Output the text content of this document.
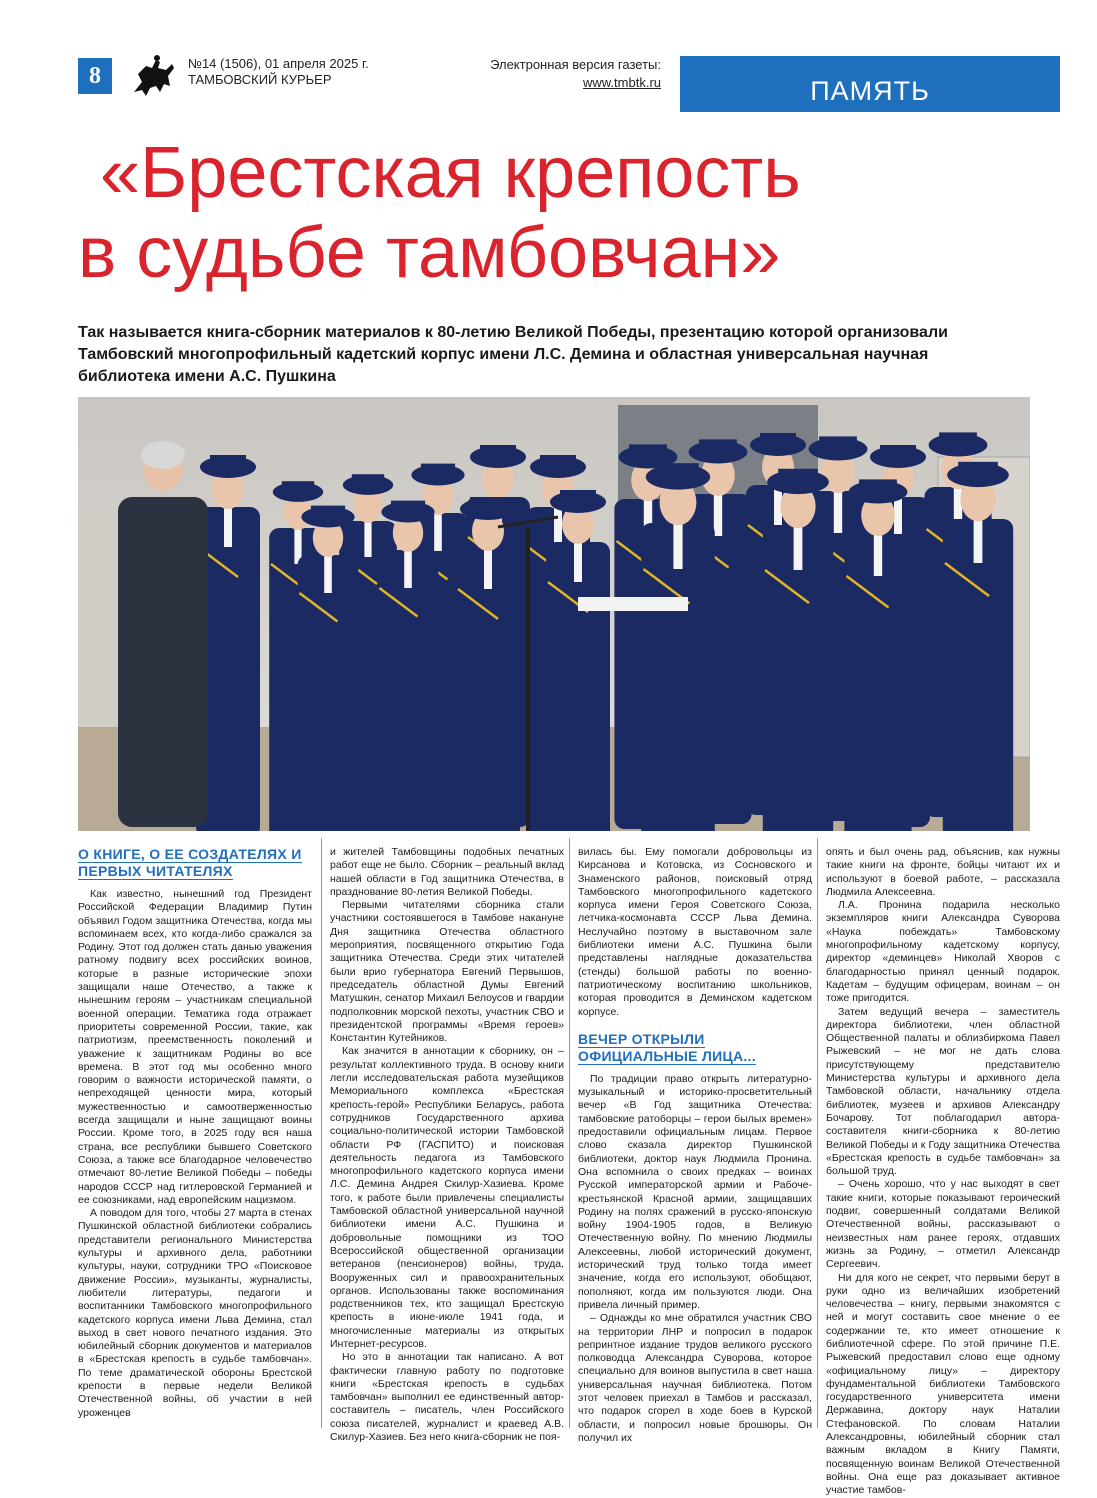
8	№14 (1506), 01 апреля 2025 г.
ТАМБОВСКИЙ КУРЬЕР
Электронная версия газеты:
www.tmbtk.ru	ПАМЯТЬ
«Брестская крепость
в судьбе тамбовчан»

Так называется книга-сборник материалов к 80-летию Великой Победы, презентацию которой организовали Тамбовский многопрофильный кадетский корпус имени Л.С. Демина и областная универсальная научная библиотека имени А.С. Пушкина

О КНИГЕ, О ЕЕ СОЗДАТЕЛЯХ И ПЕРВЫХ ЧИТАТЕЛЯХ

Как известно, нынешний год Президент Российской Федерации Владимир Путин объявил Годом защитника Отечества, когда мы вспоминаем всех, кто когда-либо сражался за Родину. Этот год должен стать данью уважения ратному подвигу всех российских воинов, которые в разные исторические эпохи защищали наше Отечество, а также к нынешним героям – участникам специальной военной операции. Тематика года отражает приоритеты современной России, такие, как патриотизм, преемственность поколений и уважение к защитникам Родины во все времена. В этот год мы особенно много говорим о важности исторической памяти, о непреходящей ценности мира, который мужественностью и самоотверженностью всегда защищали и ныне защищают воины России. Кроме того, в 2025 году вся наша страна, все республики бывшего Советского Союза, а также все благодарное человечество отмечают 80-летие Великой Победы – победы народов СССР над гитлеровской Германией и ее союзниками, над европейским нацизмом.

А поводом для того, чтобы 27 марта в стенах Пушкинской областной библиотеки собрались представители регионального Министерства культуры и архивного дела, работники культуры, науки, сотрудники ТРО «Поисковое движение России», музыканты, журналисты, любители литературы, педагоги и воспитанники Тамбовского многопрофильного кадетского корпуса имени Льва Демина, стал выход в свет нового печатного издания. Это юбилейный сборник документов и материалов в «Брестская крепость в судьбе тамбовчан». По теме драматической обороны Брестской крепости в первые недели Великой Отечественной войны, об участии в ней уроженцев

и жителей Тамбовщины подобных печатных работ еще не было. Сборник – реальный вклад нашей области в Год защитника Отечества, в празднование 80-летия Великой Победы.

Первыми читателями сборника стали участники состоявшегося в Тамбове накануне Дня защитника Отечества областного мероприятия, посвященного открытию Года защитника Отечества. Среди этих читателей были врио губернатора Евгений Первышов, председатель областной Думы Евгений Матушкин, сенатор Михаил Белоусов и гвардии подполковник морской пехоты, участник СВО и президентской программы «Время героев» Константин Кутейников.

Как значится в аннотации к сборнику, он – результат коллективного труда. В основу книги легли исследовательская работа музейщиков Мемориального комплекса «Брестская крепость-герой» Республики Беларусь, работа сотрудников Государственного архива социально-политической истории Тамбовской области РФ (ГАСПИТО) и поисковая деятельность педагога из Тамбовского многопрофильного кадетского корпуса имени Л.С. Демина Андрея Скилур-Хазиева. Кроме того, к работе были привлечены специалисты Тамбовской областной универсальной научной библиотеки имени А.С. Пушкина и добровольные помощники из ТОО Всероссийской общественной организации ветеранов (пенсионеров) войны, труда, Вооруженных сил и правоохранительных органов. Использованы также воспоминания родственников тех, кто защищал Брестскую крепость в июне-июле 1941 года, и многочисленные материалы из открытых Интернет-ресурсов.

Но это в аннотации так написано. А вот фактически главную работу по подготовке книги «Брестская крепость в судьбах тамбовчан» выполнил ее единственный автор-составитель – писатель, член Российского союза писателей, журналист и краевед А.В. Скилур-Хазиев. Без него книга-сборник не поя-

вилась бы. Ему помогали добровольцы из Кирсанова и Котовска, из Сосновского и Знаменского районов, поисковый отряд Тамбовского многопрофильного кадетского корпуса имени Героя Советского Союза, летчика-космонавта СССР Льва Демина. Неслучайно поэтому в выставочном зале библиотеки имени А.С. Пушкина были представлены наглядные доказательства (стенды) большой работы по военно-патриотическому воспитанию школьников, которая проводится в Деминском кадетском корпусе.

ВЕЧЕР ОТКРЫЛИ ОФИЦИАЛЬНЫЕ ЛИЦА...

По традиции право открыть литературно-музыкальный и историко-просветительный вечер «В Год защитника Отечества: тамбовские ратоборцы – герои былых времен» предоставили официальным лицам. Первое слово сказала директор Пушкинской библиотеки, доктор наук Людмила Пронина. Она вспомнила о своих предках – воинах Русской императорской армии и Рабоче-крестьянской Красной армии, защищавших Родину на полях сражений в русско-японскую войну 1904-1905 годов, в Великую Отечественную войну. По мнению Людмилы Алексеевны, любой исторический документ, исторический труд только тогда имеет значение, когда его используют, обобщают, пополняют, когда им пользуются люди. Она привела личный пример.

– Однажды ко мне обратился участник СВО на территории ЛНР и попросил в подарок репринтное издание трудов великого русского полководца Александра Суворова, которое специально для воинов выпустила в свет наша универсальная научная библиотека. Потом этот человек приехал в Тамбов и рассказал, что подарок сгорел в ходе боев в Курской области, и попросил новые брошюры. Он получил их

опять и был очень рад, объяснив, как нужны такие книги на фронте, бойцы читают их и используют в боевой работе, – рассказала Людмила Алексеевна.

Л.А. Пронина подарила несколько экземпляров книги Александра Суворова «Наука побеждать» Тамбовскому многопрофильному кадетскому корпусу, директор «деминцев» Николай Хворов с благодарностью принял ценный подарок. Кадетам – будущим офицерам, воинам – он тоже пригодится.

Затем ведущий вечера – заместитель директора библиотеки, член областной Общественной палаты и облизбиркома Павел Рыжевский – не мог не дать слова присутствующему представителю Министерства культуры и архивного дела Тамбовской области, начальнику отдела библиотек, музеев и архивов Александру Бочарову. Тот поблагодарил автора-составителя книги-сборника к 80-летию Великой Победы и к Году защитника Отечества «Брестская крепость в судьбе тамбовчан» за большой труд.

– Очень хорошо, что у нас выходят в свет такие книги, которые показывают героический подвиг, совершенный солдатами Великой Отечественной войны, рассказывают о неизвестных нам ранее героях, отдавших жизнь за Родину, – отметил Александр Сергеевич.

Ни для кого не секрет, что первыми берут в руки одно из величайших изобретений человечества – книгу, первыми знакомятся с ней и могут составить свое мнение о ее содержании те, кто имеет отношение к библиотечной сфере. По этой причине П.Е. Рыжевский предоставил слово еще одному «официальному лицу» – директору фундаментальной библиотеки Тамбовского государственного университета имени Державина, доктору наук Наталии Стефановской. По словам Наталии Александровны, юбилейный сборник стал важным вкладом в Книгу Памяти, посвященную воинам Великой Отечественной войны. Она еще раз доказывает активное участие тамбов-
